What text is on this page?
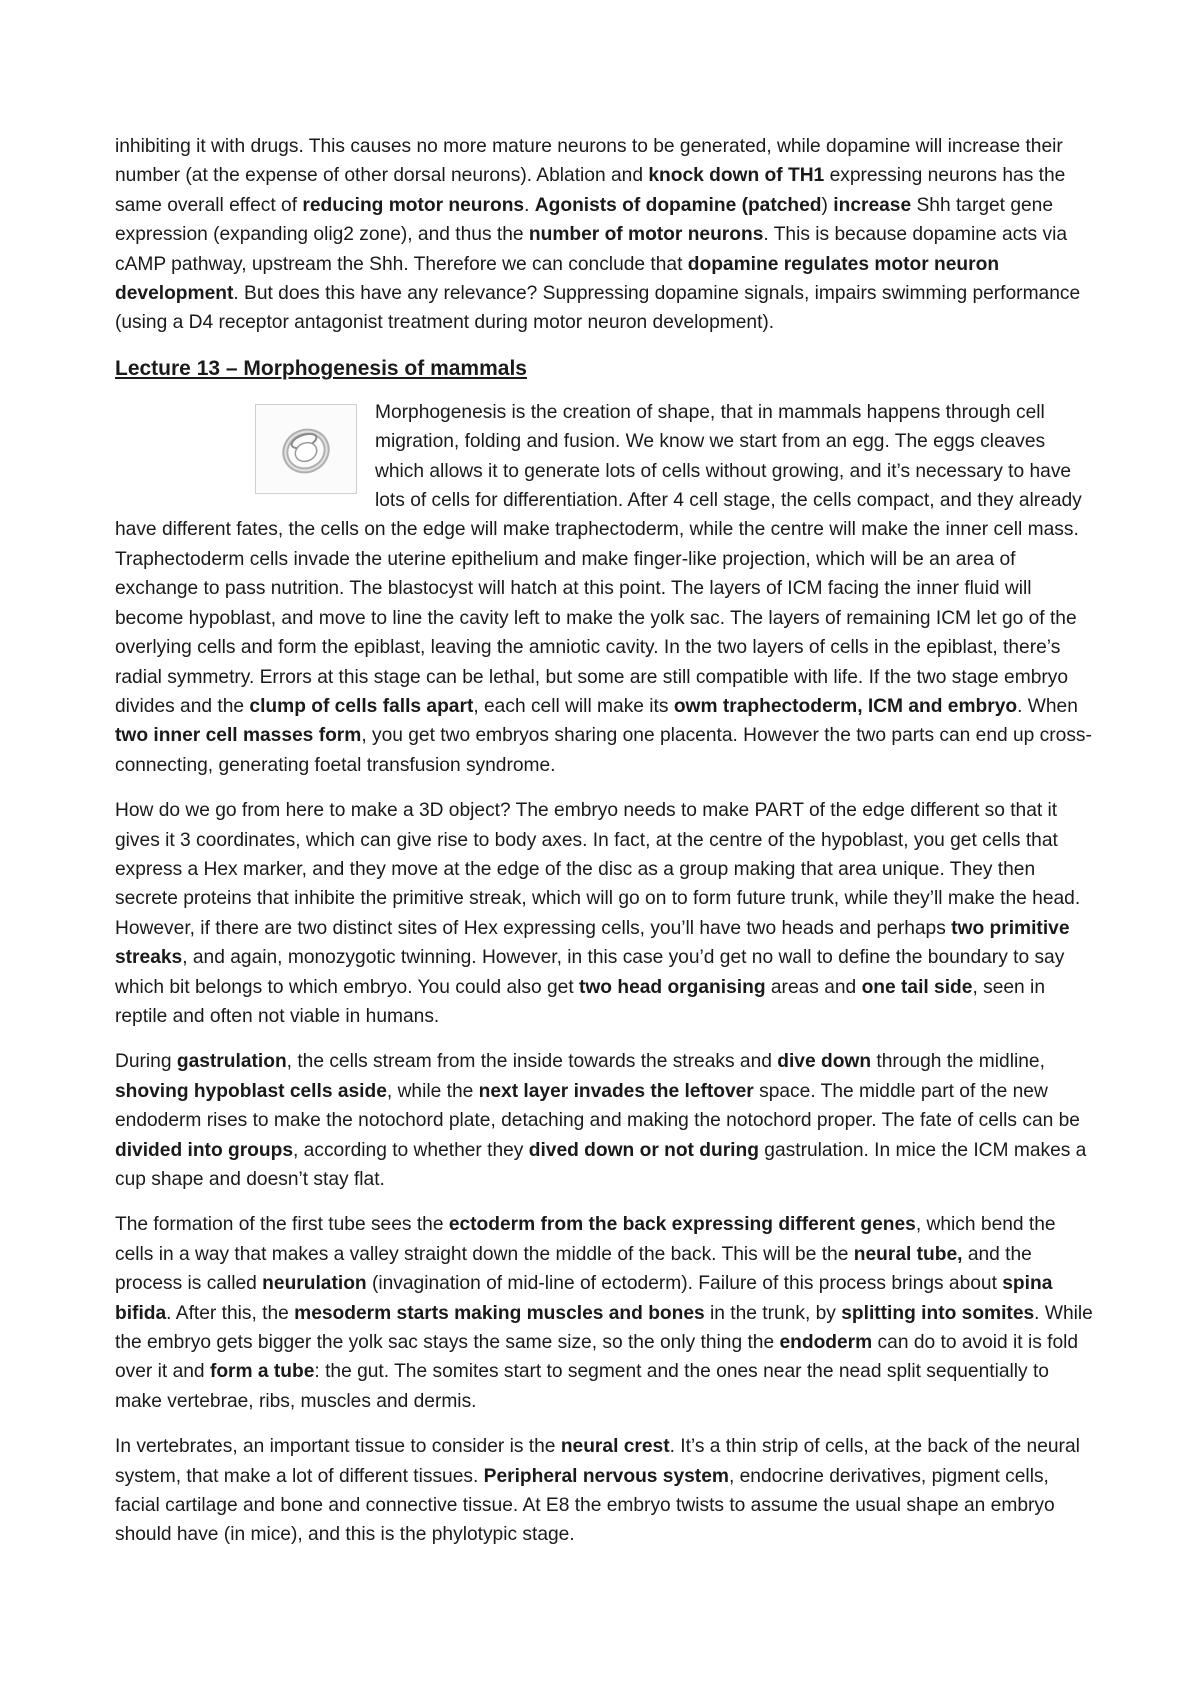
inhibiting it with drugs. This causes no more mature neurons to be generated, while dopamine will increase their number (at the expense of other dorsal neurons). Ablation and knock down of TH1 expressing neurons has the same overall effect of reducing motor neurons. Agonists of dopamine (patched) increase Shh target gene expression (expanding olig2 zone), and thus the number of motor neurons. This is because dopamine acts via cAMP pathway, upstream the Shh. Therefore we can conclude that dopamine regulates motor neuron development. But does this have any relevance? Suppressing dopamine signals, impairs swimming performance (using a D4 receptor antagonist treatment during motor neuron development).

Lecture 13 – Morphogenesis of mammals

Morphogenesis is the creation of shape, that in mammals happens through cell migration, folding and fusion. We know we start from an egg. The eggs cleaves which allows it to generate lots of cells without growing, and it’s necessary to have lots of cells for differentiation. After 4 cell stage, the cells compact, and they already have different fates, the cells on the edge will make traphectoderm, while the centre will make the inner cell mass. Traphectoderm cells invade the uterine epithelium and make finger-like projection, which will be an area of exchange to pass nutrition. The blastocyst will hatch at this point. The layers of ICM facing the inner fluid will become hypoblast, and move to line the cavity left to make the yolk sac. The layers of remaining ICM let go of the overlying cells and form the epiblast, leaving the amniotic cavity. In the two layers of cells in the epiblast, there’s radial symmetry. Errors at this stage can be lethal, but some are still compatible with life. If the two stage embryo divides and the clump of cells falls apart, each cell will make its owm traphectoderm, ICM and embryo. When two inner cell masses form, you get two embryos sharing one placenta. However the two parts can end up cross-connecting, generating foetal transfusion syndrome.

How do we go from here to make a 3D object? The embryo needs to make PART of the edge different so that it gives it 3 coordinates, which can give rise to body axes. In fact, at the centre of the hypoblast, you get cells that express a Hex marker, and they move at the edge of the disc as a group making that area unique. They then secrete proteins that inhibite the primitive streak, which will go on to form future trunk, while they’ll make the head. However, if there are two distinct sites of Hex expressing cells, you’ll have two heads and perhaps two primitive streaks, and again, monozygotic twinning. However, in this case you’d get no wall to define the boundary to say which bit belongs to which embryo. You could also get two head organising areas and one tail side, seen in reptile and often not viable in humans.

During gastrulation, the cells stream from the inside towards the streaks and dive down through the midline, shoving hypoblast cells aside, while the next layer invades the leftover space. The middle part of the new endoderm rises to make the notochord plate, detaching and making the notochord proper. The fate of cells can be divided into groups, according to whether they dived down or not during gastrulation. In mice the ICM makes a cup shape and doesn’t stay flat.

The formation of the first tube sees the ectoderm from the back expressing different genes, which bend the cells in a way that makes a valley straight down the middle of the back. This will be the neural tube, and the process is called neurulation (invagination of mid-line of ectoderm). Failure of this process brings about spina bifida. After this, the mesoderm starts making muscles and bones in the trunk, by splitting into somites. While the embryo gets bigger the yolk sac stays the same size, so the only thing the endoderm can do to avoid it is fold over it and form a tube: the gut. The somites start to segment and the ones near the nead split sequentially to make vertebrae, ribs, muscles and dermis.

In vertebrates, an important tissue to consider is the neural crest. It’s a thin strip of cells, at the back of the neural system, that make a lot of different tissues. Peripheral nervous system, endocrine derivatives, pigment cells, facial cartilage and bone and connective tissue. At E8 the embryo twists to assume the usual shape an embryo should have (in mice), and this is the phylotypic stage.
